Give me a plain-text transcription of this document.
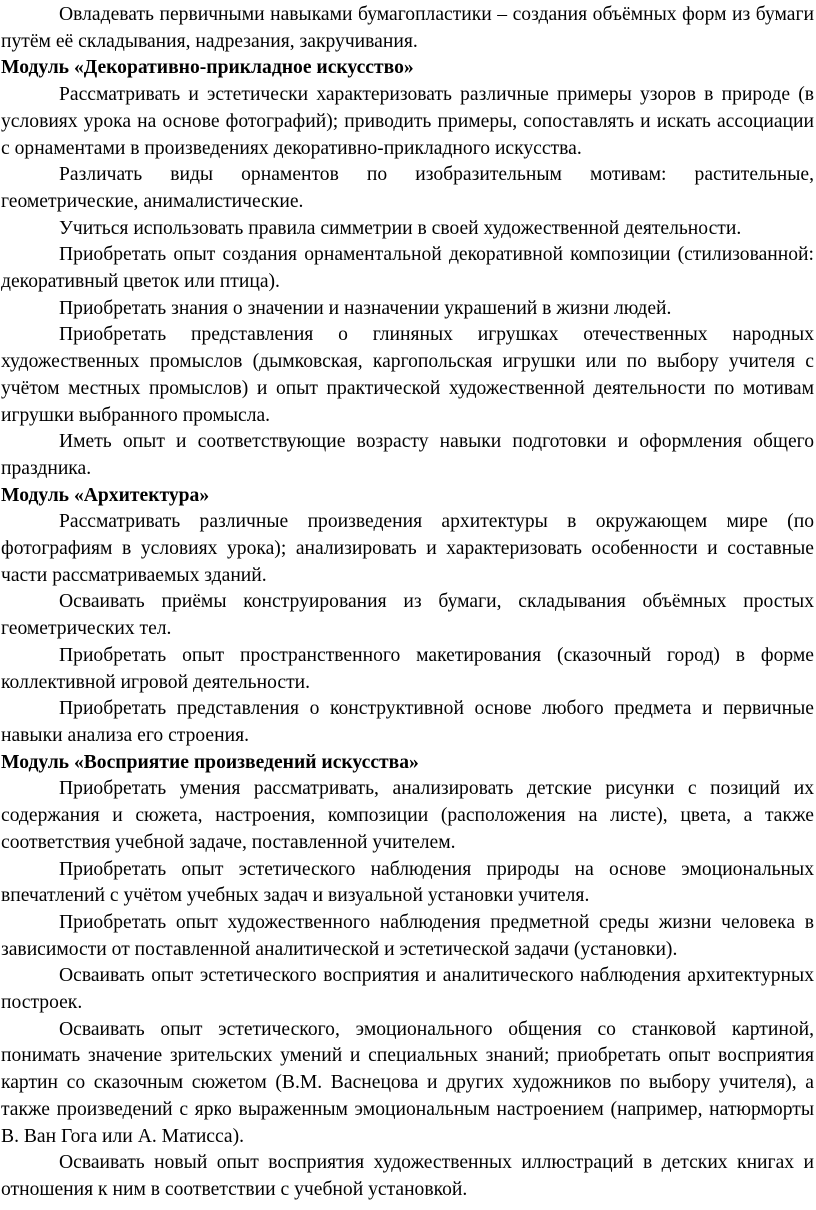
Овладевать первичными навыками бумагопластики – создания объёмных форм из бумаги путём её складывания, надрезания, закручивания.

Модуль «Декоративно-прикладное искусство»

Рассматривать и эстетически характеризовать различные примеры узоров в природе (в условиях урока на основе фотографий); приводить примеры, сопоставлять и искать ассоциации с орнаментами в произведениях декоративно-прикладного искусства.

Различать виды орнаментов по изобразительным мотивам: растительные, геометрические, анималистические.

Учиться использовать правила симметрии в своей художественной деятельности.

Приобретать опыт создания орнаментальной декоративной композиции (стилизованной: декоративный цветок или птица).

Приобретать знания о значении и назначении украшений в жизни людей.

Приобретать представления о глиняных игрушках отечественных народных художественных промыслов (дымковская, каргопольская игрушки или по выбору учителя с учётом местных промыслов) и опыт практической художественной деятельности по мотивам игрушки выбранного промысла.

Иметь опыт и соответствующие возрасту навыки подготовки и оформления общего праздника.

Модуль «Архитектура»

Рассматривать различные произведения архитектуры в окружающем мире (по фотографиям в условиях урока); анализировать и характеризовать особенности и составные части рассматриваемых зданий.

Осваивать приёмы конструирования из бумаги, складывания объёмных простых геометрических тел.

Приобретать опыт пространственного макетирования (сказочный город) в форме коллективной игровой деятельности.

Приобретать представления о конструктивной основе любого предмета и первичные навыки анализа его строения.

Модуль «Восприятие произведений искусства»

Приобретать умения рассматривать, анализировать детские рисунки с позиций их содержания и сюжета, настроения, композиции (расположения на листе), цвета, а также соответствия учебной задаче, поставленной учителем.

Приобретать опыт эстетического наблюдения природы на основе эмоциональных впечатлений с учётом учебных задач и визуальной установки учителя.

Приобретать опыт художественного наблюдения предметной среды жизни человека в зависимости от поставленной аналитической и эстетической задачи (установки).

Осваивать опыт эстетического восприятия и аналитического наблюдения архитектурных построек.

Осваивать опыт эстетического, эмоционального общения со станковой картиной, понимать значение зрительских умений и специальных знаний; приобретать опыт восприятия картин со сказочным сюжетом (В.М. Васнецова и других художников по выбору учителя), а также произведений с ярко выраженным эмоциональным настроением (например, натюрморты В. Ван Гога или А. Матисса).

Осваивать новый опыт восприятия художественных иллюстраций в детских книгах и отношения к ним в соответствии с учебной установкой.
